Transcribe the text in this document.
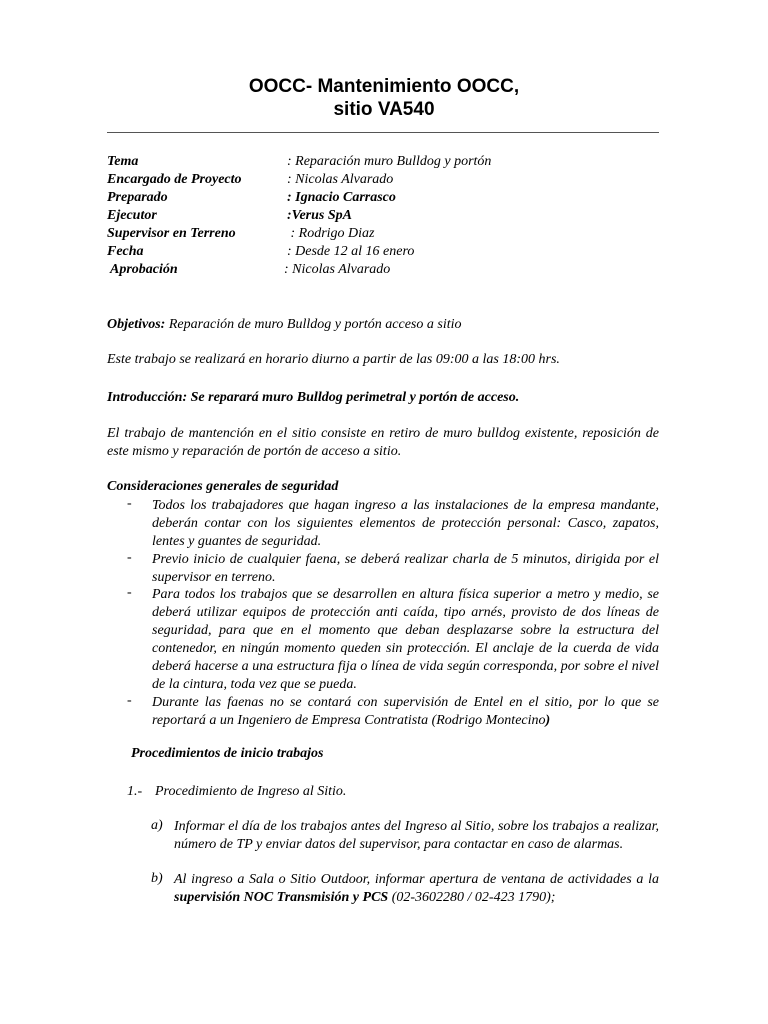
OOCC- Mantenimiento OOCC,
sitio VA540
Tema	: Reparación muro Bulldog y portón
Encargado de Proyecto	: Nicolas Alvarado
Preparado	: Ignacio Carrasco
Ejecutor	:Verus SpA
Supervisor en Terreno	: Rodrigo Diaz
Fecha	: Desde 12 al 16 enero
Aprobación	: Nicolas Alvarado
Objetivos: Reparación de muro Bulldog y portón acceso a sitio
Este trabajo se realizará en horario diurno a partir de las 09:00 a las 18:00 hrs.
Introducción: Se reparará muro Bulldog perimetral y portón de acceso.
El trabajo de mantención en el sitio consiste en retiro de muro bulldog existente, reposición de este mismo y reparación de portón de acceso a sitio.
Consideraciones generales de seguridad
- Todos los trabajadores que hagan ingreso a las instalaciones de la empresa mandante, deberán contar con los siguientes elementos de protección personal: Casco, zapatos, lentes y guantes de seguridad.
- Previo inicio de cualquier faena, se deberá realizar charla de 5 minutos, dirigida por el supervisor en terreno.
- Para todos los trabajos que se desarrollen en altura física superior a metro y medio, se deberá utilizar equipos de protección anti caída, tipo arnés, provisto de dos líneas de seguridad, para que en el momento que deban desplazarse sobre la estructura del contenedor, en ningún momento queden sin protección. El anclaje de la cuerda de vida deberá hacerse a una estructura fija o línea de vida según corresponda, por sobre el nivel de la cintura, toda vez que se pueda.
- Durante las faenas no se contará con supervisión de Entel en el sitio, por lo que se reportará a un Ingeniero de Empresa Contratista (Rodrigo Montecino)
Procedimientos de inicio trabajos
1.- Procedimiento de Ingreso al Sitio.
a) Informar el día de los trabajos antes del Ingreso al Sitio, sobre los trabajos a realizar, número de TP y enviar datos del supervisor, para contactar en caso de alarmas.
b) Al ingreso a Sala o Sitio Outdoor, informar apertura de ventana de actividades a la supervisión NOC Transmisión y PCS (02-3602280 / 02-423 1790);
